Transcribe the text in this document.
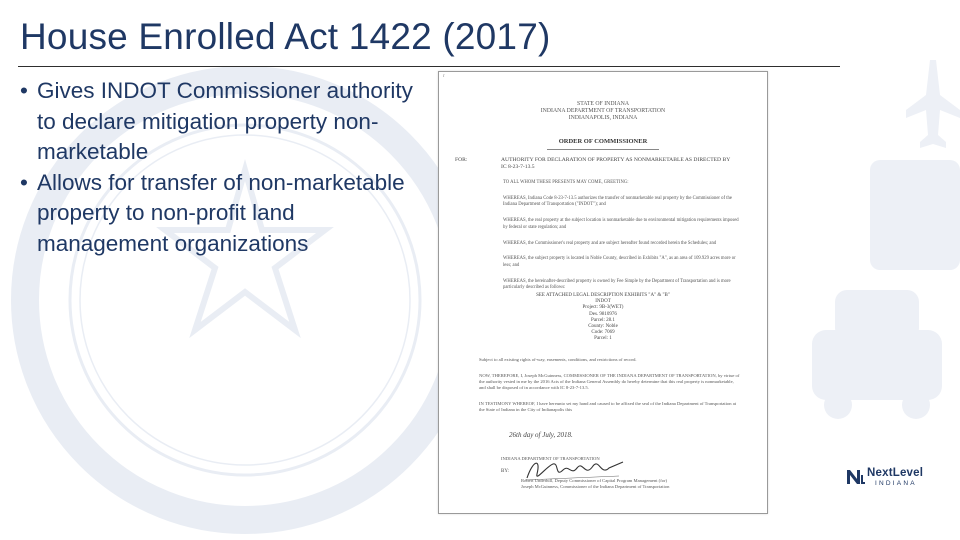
House Enrolled Act 1422 (2017)
• Gives INDOT Commissioner authority to declare mitigation property non-marketable
• Allows for transfer of non-marketable property to non-profit land management organizations
r
STATE OF INDIANA
INDIANA DEPARTMENT OF TRANSPORTATION
INDIANAPOLIS, INDIANA
ORDER OF COMMISSIONER
FOR:	AUTHORITY FOR DECLARATION OF PROPERTY AS NONMARKETABLE AS DIRECTED BY IC 8-23-7-13.5

TO ALL WHOM THESE PRESENTS MAY COME, GREETING:

WHEREAS, Indiana Code 8-23-7-13.5 authorizes the transfer of nonmarketable real property by the Commissioner of the Indiana Department of Transportation ("INDOT"); and

WHEREAS, the real property at the subject location is nonmarketable due to environmental mitigation requirements imposed by federal or state regulation; and

WHEREAS, the Commissioner's real property and are subject hereafter found recorded herein the Schedules; and

WHEREAS, the subject property is located in Noble County, described in Exhibits "A", as an area of 109.929 acres more or less; and

WHEREAS, the hereinafter-described property is owned by Fee Simple by the Department of Transportation and is more particularly described as follows:

SEE ATTACHED LEGAL DESCRIPTION EXHIBITS "A" & "B"
INDOT
Project: 9B-3(WET)
Des. 9810976
Parcel: 28.1
County: Noble
Code: 7069
Parcel: 1

Subject to all existing rights of-way, easements, conditions, and restrictions of record.

NOW, THEREFORE, I, Joseph McGuinness, COMMISSIONER OF THE INDIANA DEPARTMENT OF TRANSPORTATION, by virtue of the authority vested in me by the 2016 Acts of the Indiana General Assembly do hereby determine that this real property is nonmarketable, and shall be disposed of in accordance with IC 8-23-7-13.5.

IN TESTIMONY WHEREOF, I have hereunto set my hand and caused to be affixed the seal of the Indiana Department of Transportation at the State of Indiana in the City of Indianapolis this

26th day of July, 2018.
INDIANA DEPARTMENT OF TRANSPORTATION
BY:
Robert Underhill, Deputy Commissioner of Capital Program Management (for)
Joseph McGuinness, Commissioner of the Indiana Department of Transportation
NextLevel
INDIANA
